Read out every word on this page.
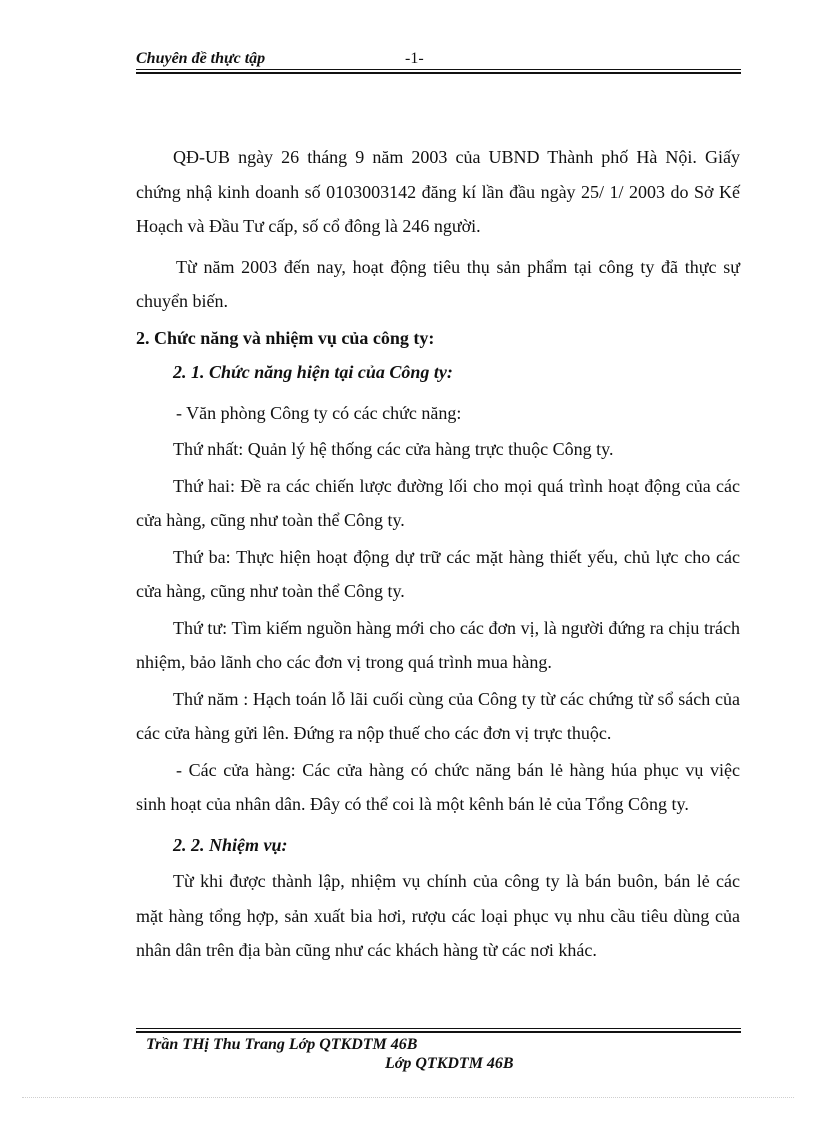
Chuyên đề thực tập	-1-

QĐ-UB ngày 26 tháng 9 năm 2003 của UBND Thành phố Hà Nội. Giấy chứng nhậ kinh doanh số 0103003142 đăng kí lần đầu ngày 25/ 1/ 2003 do Sở Kế Hoạch và Đầu Tư cấp, số cổ đông là 246 người.

Từ năm 2003 đến nay, hoạt động tiêu thụ sản phẩm tại công ty đã thực sự chuyển biến.

2. Chức năng và nhiệm vụ của công ty:

2. 1. Chức năng hiện tại của Công ty:

- Văn phòng Công ty có các chức năng:

Thứ nhất: Quản lý hệ thống các cửa hàng trực thuộc Công ty.

Thứ hai: Đề ra các chiến lược đường lối cho mọi quá trình hoạt động của các cửa hàng, cũng như toàn thể Công ty.

Thứ ba: Thực hiện hoạt động dự trữ các mặt hàng thiết yếu, chủ lực cho các cửa hàng, cũng như toàn thể Công ty.

Thứ tư: Tìm kiếm nguồn hàng mới cho các đơn vị, là người đứng ra chịu trách nhiệm, bảo lãnh cho các đơn vị trong quá trình mua hàng.

Thứ năm : Hạch toán lỗ lãi cuối cùng của Công ty từ các chứng từ sổ sách của các cửa hàng gửi lên. Đứng ra nộp thuế cho các đơn vị trực thuộc.

- Các cửa hàng: Các cửa hàng có chức năng bán lẻ hàng húa phục vụ việc sinh hoạt của nhân dân. Đây có thể coi là một kênh bán lẻ của Tổng Công ty.

2. 2. Nhiệm vụ:

Từ khi được thành lập, nhiệm vụ chính của công ty là bán buôn, bán lẻ các mặt hàng tổng hợp, sản xuất bia hơi, rượu các loại phục vụ nhu cầu tiêu dùng của nhân dân trên địa bàn cũng như các khách hàng từ các nơi khác.

Trần THị Thu Trang Lớp QTKDTM 46B
Lớp QTKDTM 46B
